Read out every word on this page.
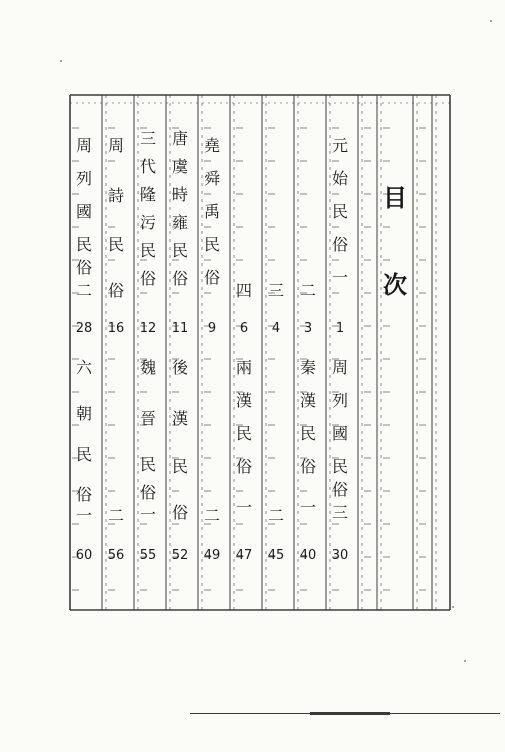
目
次
元
始
民
俗
一
1
周
列
國
民
俗
三
30
二
3
秦
漢
民
俗
一
40
三
4
二
45
四
6
兩
漢
民
俗
一
47
堯
舜
禹
民
俗
9
二
49
唐
虞
時
雍
民
俗
11
後
漢
民
俗
52
三
代
隆
污
民
俗
12
魏
晉
民
俗
一
55
周
詩
民
俗
16
二
56
周
列
國
民
俗
二
28
六
朝
民
俗
一
60
